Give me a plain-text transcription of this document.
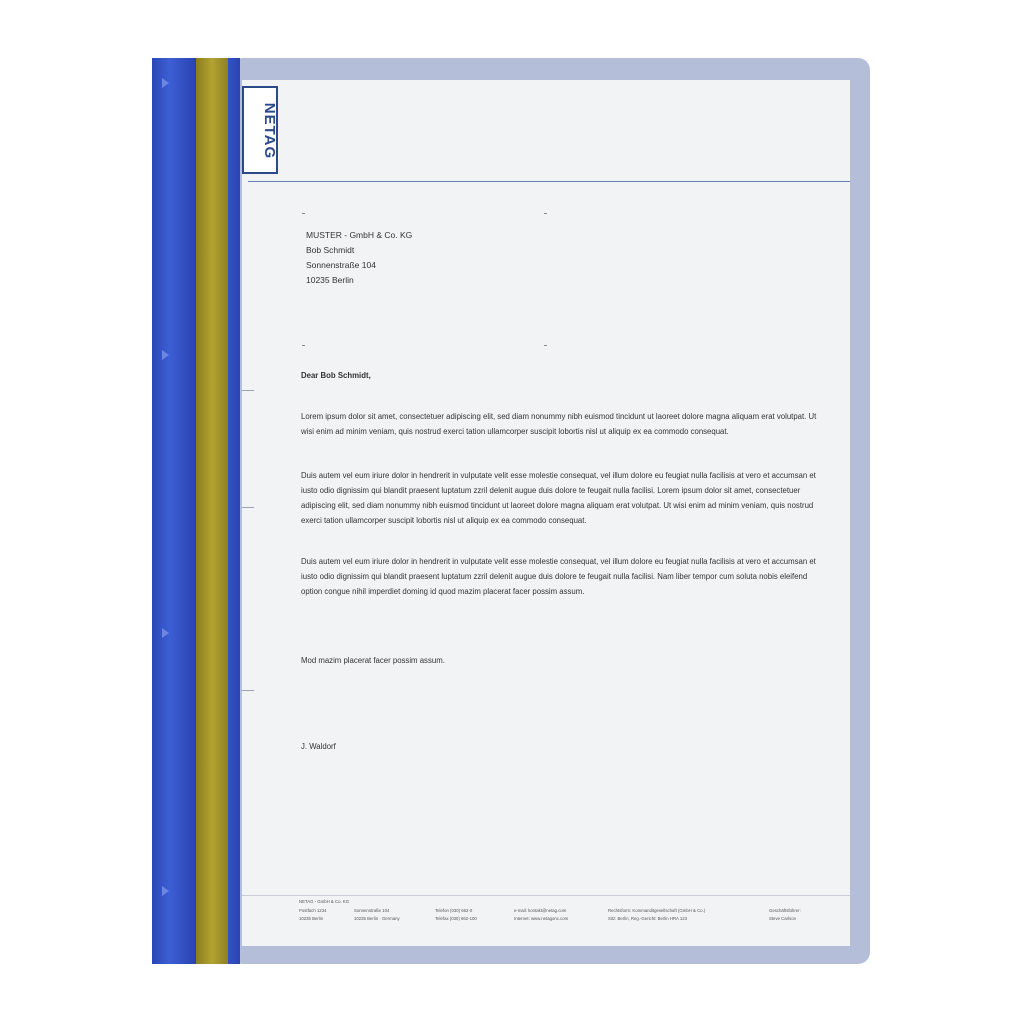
NETAG
MUSTER - GmbH & Co. KG
Bob Schmidt
Sonnenstraße 104
10235 Berlin

Dear Bob Schmidt,

Lorem ipsum dolor sit amet, consectetuer adipiscing elit, sed diam nonummy nibh euismod tincidunt ut laoreet dolore magna aliquam erat volutpat. Ut wisi enim ad minim veniam, quis nostrud exerci tation ullamcorper suscipit lobortis nisl ut aliquip ex ea commodo consequat.

Duis autem vel eum iriure dolor in hendrerit in vulputate velit esse molestie consequat, vel illum dolore eu feugiat nulla facilisis at vero et accumsan et iusto odio dignissim qui blandit praesent luptatum zzril delenit augue duis dolore te feugait nulla facilisi. Lorem ipsum dolor sit amet, consectetuer adipiscing elit, sed diam nonummy nibh euismod tincidunt ut laoreet dolore magna aliquam erat volutpat. Ut wisi enim ad minim veniam, quis nostrud exerci tation ullamcorper suscipit lobortis nisl ut aliquip ex ea commodo consequat.

Duis autem vel eum iriure dolor in hendrerit in vulputate velit esse molestie consequat, vel illum dolore eu feugiat nulla facilisis at vero et accumsan et iusto odio dignissim qui blandit praesent luptatum zzril delenit augue duis dolore te feugait nulla facilisi. Nam liber tempor cum soluta nobis eleifend option congue nihil imperdiet doming id quod mazim placerat facer possim assum.

Mod mazim placerat facer possim assum.

J. Waldorf

NETAG - GmbH & Co. KG
Postfach 1234
10235 Berlin
Sonnenstraße 104
10235 Berlin · Germany
Telefon (030) 662-0
Telefax (030) 662-100
e-mail: kontakt@netag.com
Internet: www.netagonc.com
Rechtsform: Kommanditgesellschaft (GmbH & Co.)
Sitz: Berlin, Reg.-Gericht: Berlin HRA 123
Geschäftsführer:
Steve Carlson
